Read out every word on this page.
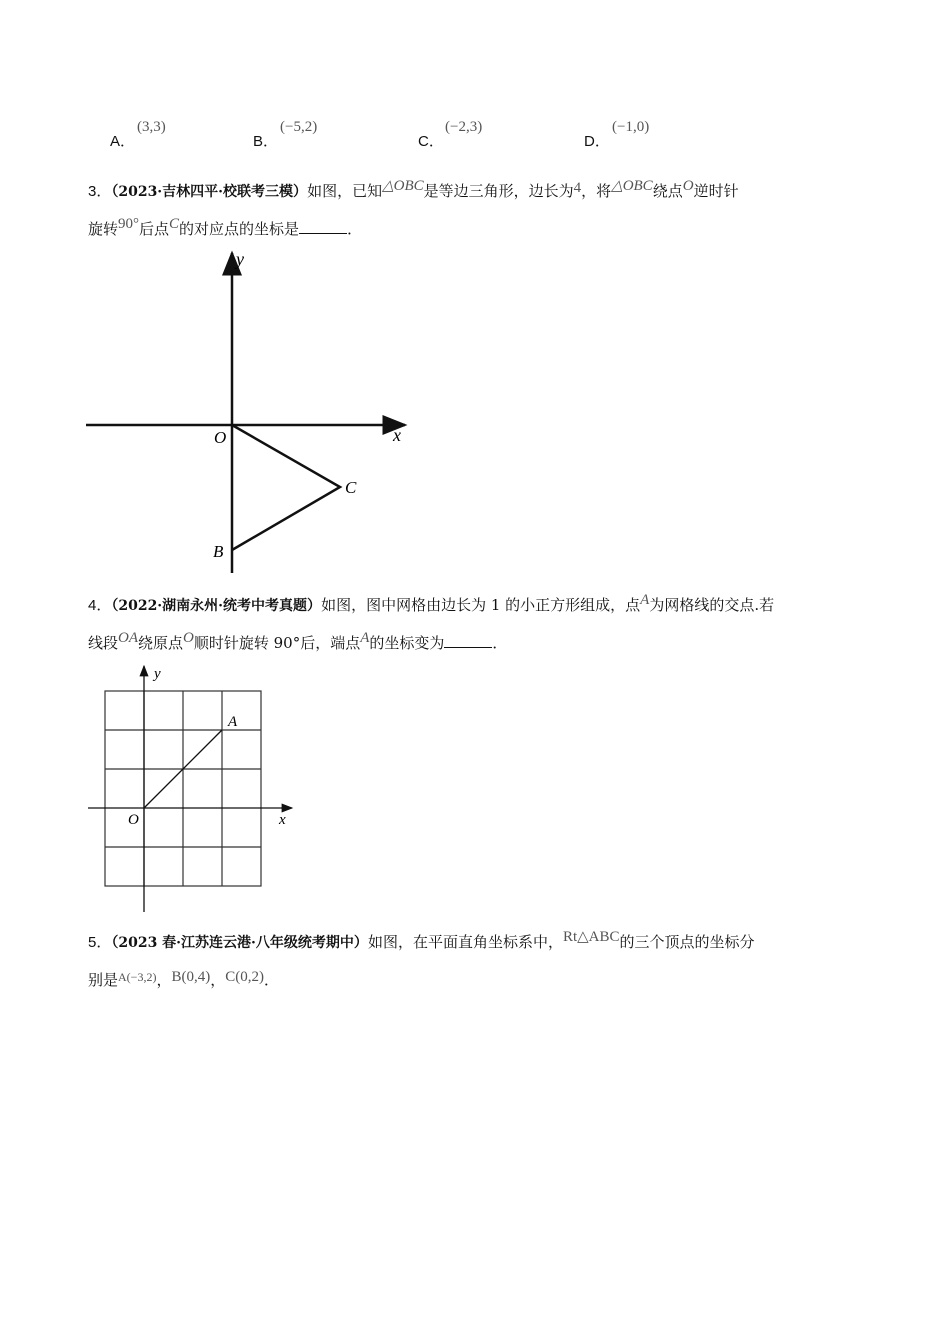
A．
(3,3)
B．
(−5,2)
C．
(−2,3)
D．
(−1,0)
3．（2023·吉林四平·校联考三模）如图，已知△OBC是等边三角形，边长为4，将△OBC绕点O逆时针
旋转90°后点C的对应点的坐标是	．
y
x
O
C
B
4．（2022·湖南永州·统考中考真题）如图，图中网格由边长为 1 的小正方形组成，点A为网格线的交点.若
线段OA绕原点O顺时针旋转 90°后，端点A的坐标变为	．
y
x
O
A
5．（2023 春·江苏连云港·八年级统考期中）如图，在平面直角坐标系中，Rt△ABC的三个顶点的坐标分
别是$^{A(-3,2)}$，B(0,4)，C(0,2)．
